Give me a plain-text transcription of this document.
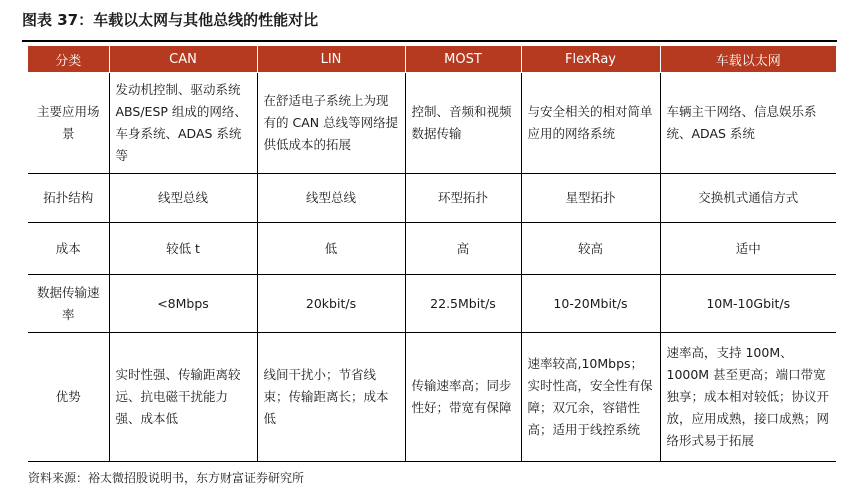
图表 37：车载以太网与其他总线的性能对比
分类	CAN	LIN	MOST	FlexRay	车载以太网
主要应用场景	发动机控制、驱动系统 ABS/ESP 组成的网络、车身系统、ADAS 系统等	在舒适电子系统上为现有的 CAN 总线等网络提供低成本的拓展	控制、音频和视频数据传输	与安全相关的相对简单应用的网络系统	车辆主干网络、信息娱乐系统、ADAS 系统
拓扑结构	线型总线	线型总线	环型拓扑	星型拓扑	交换机式通信方式
成本	较低 t	低	高	较高	适中
数据传输速率	<8Mbps	20kbit/s	22.5Mbit/s	10-20Mbit/s	10M-10Gbit/s
优势	实时性强、传输距离较远、抗电磁干扰能力强、成本低	线间干扰小；节省线束；传输距离长；成本低	传输速率高；同步性好；带宽有保障	速率较高,10Mbps；实时性高，安全性有保障；双冗余，容错性高；适用于线控系统	速率高，支持 100M、1000M 甚至更高；端口带宽独享；成本相对较低；协议开放，应用成熟，接口成熟；网络形式易于拓展
资料来源：裕太微招股说明书，东方财富证券研究所
